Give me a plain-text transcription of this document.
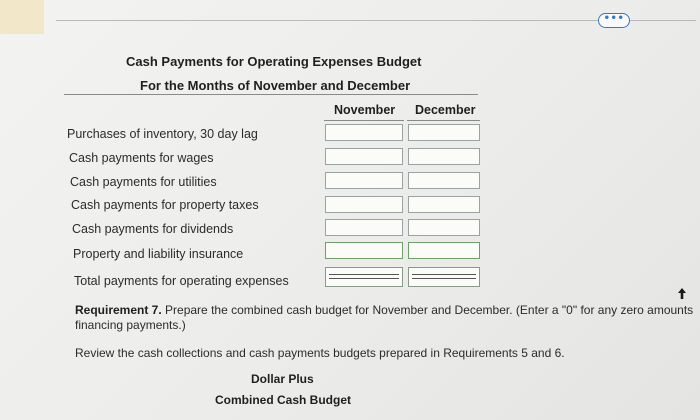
•••
Cash Payments for Operating Expenses Budget
For the Months of November and December
November December
Purchases of inventory, 30 day lag
Cash payments for wages
Cash payments for utilities
Cash payments for property taxes
Cash payments for dividends
Property and liability insurance
Total payments for operating expenses
Requirement 7. Prepare the combined cash budget for November and December. (Enter a "0" for any zero amounts
financing payments.)
Review the cash collections and cash payments budgets prepared in Requirements 5 and 6.
Dollar Plus
Combined Cash Budget
